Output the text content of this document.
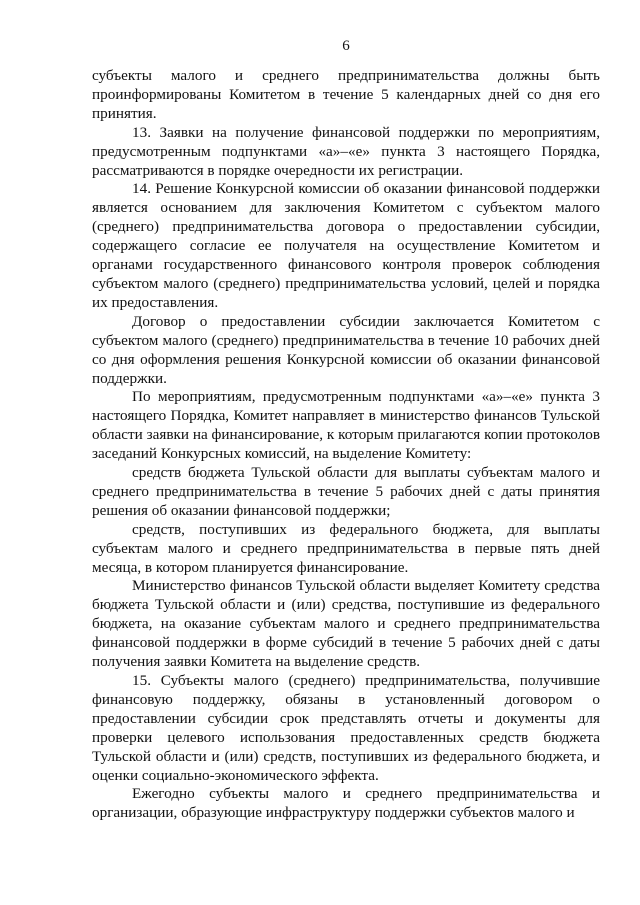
6

субъекты малого и среднего предпринимательства должны быть проинформированы Комитетом в течение 5 календарных дней со дня его принятия.

13. Заявки на получение финансовой поддержки по мероприятиям, предусмотренным подпунктами «а»–«е» пункта 3 настоящего Порядка, рассматриваются в порядке очередности их регистрации.

14. Решение Конкурсной комиссии об оказании финансовой поддержки является основанием для заключения Комитетом с субъектом малого (среднего) предпринимательства договора о предоставлении субсидии, содержащего согласие ее получателя на осуществление Комитетом и органами государственного финансового контроля проверок соблюдения субъектом малого (среднего) предпринимательства условий, целей и порядка их предоставления.

Договор о предоставлении субсидии заключается Комитетом с субъектом малого (среднего) предпринимательства в течение 10 рабочих дней со дня оформления решения Конкурсной комиссии об оказании финансовой поддержки.

По мероприятиям, предусмотренным подпунктами «а»–«е» пункта 3 настоящего Порядка, Комитет направляет в министерство финансов Тульской области заявки на финансирование, к которым прилагаются копии протоколов заседаний Конкурсных комиссий, на выделение Комитету:

средств бюджета Тульской области для выплаты субъектам малого и среднего предпринимательства в течение 5 рабочих дней с даты принятия решения об оказании финансовой поддержки;

средств, поступивших из федерального бюджета, для выплаты субъектам малого и среднего предпринимательства в первые пять дней месяца, в котором планируется финансирование.

Министерство финансов Тульской области выделяет Комитету средства бюджета Тульской области и (или) средства, поступившие из федерального бюджета, на оказание субъектам малого и среднего предпринимательства финансовой поддержки в форме субсидий в течение 5 рабочих дней с даты получения заявки Комитета на выделение средств.

15. Субъекты малого (среднего) предпринимательства, получившие финансовую поддержку, обязаны в установленный договором о предоставлении субсидии срок представлять отчеты и документы для проверки целевого использования предоставленных средств бюджета Тульской области и (или) средств, поступивших из федерального бюджета, и оценки социально-экономического эффекта.

Ежегодно субъекты малого и среднего предпринимательства и организации, образующие инфраструктуру поддержки субъектов малого и
